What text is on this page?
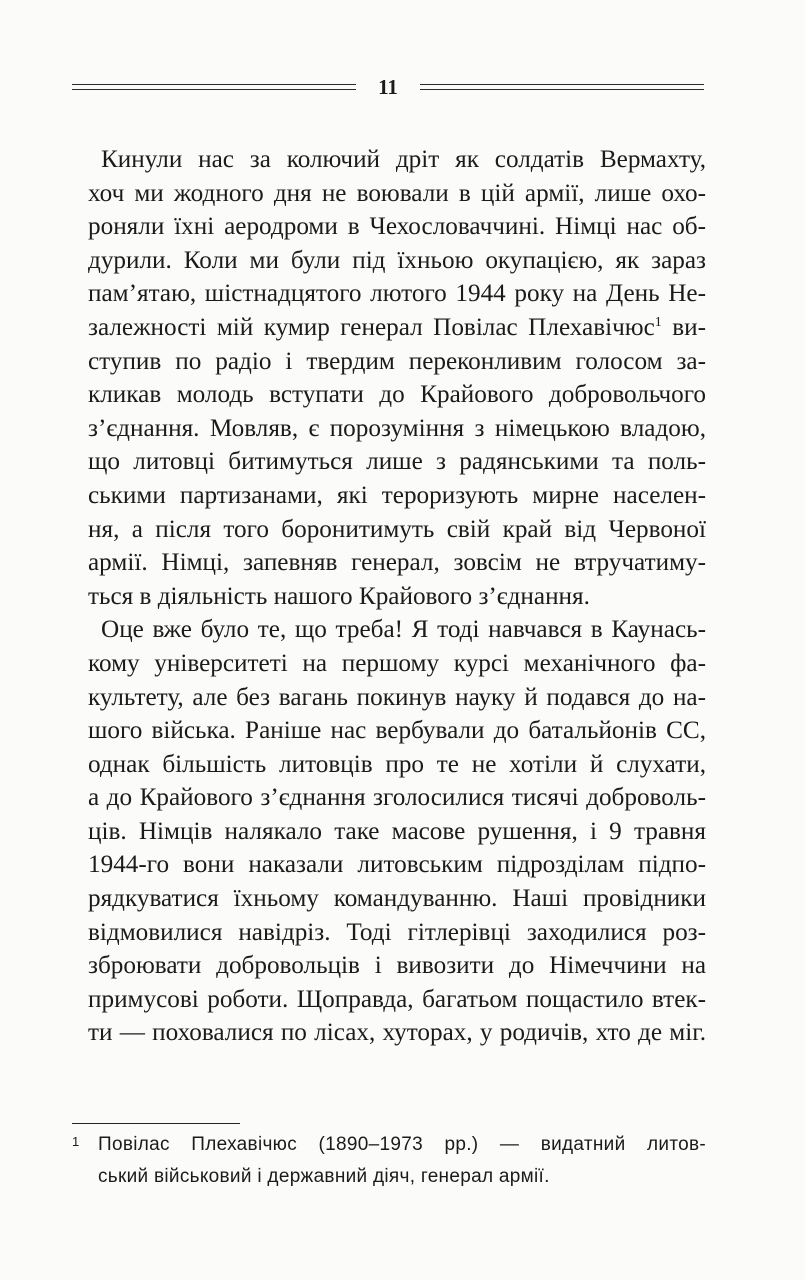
11
Кинули нас за колючий дріт як солдатів Вермахту,
хоч ми жодного дня не воювали в цій армії, лише охо-
роняли їхні аеродроми в Чехословаччині. Німці нас об-
дурили. Коли ми були під їхньою окупацією, як зараз
пам’ятаю, шістнадцятого лютого 1944 року на День Не-
залежності мій кумир генерал Повілас Плехавічюс$^1$ ви-
ступив по радіо і твердим переконливим голосом за-
кликав молодь вступати до Крайового добровольчого
з’єднання. Мовляв, є порозуміння з німецькою владою,
що литовці битимуться лише з радянськими та поль-
ськими партизанами, які тероризують мирне населен-
ня, а після того боронитимуть свій край від Червоної
армії. Німці, запевняв генерал, зовсім не втручатиму-
ться в діяльність нашого Крайового з’єднання.
Оце вже було те, що треба! Я тоді навчався в Каунась-
кому університеті на першому курсі механічного фа-
культету, але без вагань покинув науку й подався до на-
шого війська. Раніше нас вербували до батальйонів СС,
однак більшість литовців про те не хотіли й слухати,
а до Крайового з’єднання зголосилися тисячі доброволь-
ців. Німців налякало таке масове рушення, і 9 травня
1944-го вони наказали литовським підрозділам підпо-
рядкуватися їхньому командуванню. Наші провідники
відмовилися навідріз. Тоді гітлерівці заходилися роз-
зброювати добровольців і вивозити до Німеччини на
примусові роботи. Щоправда, багатьом пощастило втек-
ти — поховалися по лісах, хуторах, у родичів, хто де міг.
1 Повілас Плехавічюс (1890–1973 рр.) — видатний литов-
ський військовий і державний діяч, генерал армії.
